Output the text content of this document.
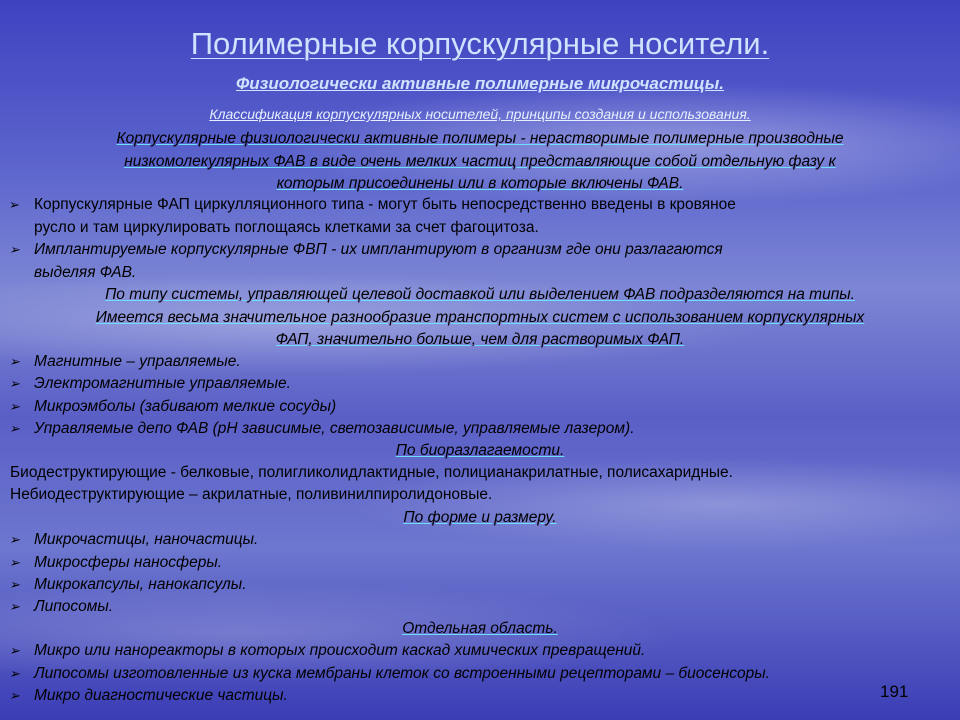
Полимерные корпускулярные носители.
Физиологически активные полимерные микрочастицы.
Классификация корпускулярных носителей, принципы создания и использования.
Корпускулярные физиологически активные полимеры - нерастворимые полимерные производные
низкомолекулярных ФАВ в виде очень мелких частиц представляющие собой отдельную фазу к
которым присоединены или в которые включены ФАВ.
➢ Корпускулярные ФАП циркулляционного типа - могут быть непосредственно введены в кровяное
русло и там циркулировать поглощаясь клетками за счет фагоцитоза.
➢ Имплантируемые корпускулярные ФВП - их имплантируют в организм где они разлагаются
выделяя ФАВ.
По типу системы, управляющей целевой доставкой или выделением ФАВ подразделяются на типы.
Имеется весьма значительное разнообразие транспортных систем с использованием корпускулярных
ФАП, значительно больше, чем для растворимых ФАП.
➢ Магнитные – управляемые.
➢ Электромагнитные управляемые.
➢ Микроэмболы (забивают мелкие сосуды)
➢ Управляемые депо ФАВ (рН зависимые, светозависимые, управляемые лазером).
По биоразлагаемости.
Биодеструктирующие - белковые, полигликолидлактидные, полицианакрилатные, полисахаридные.
Небиодеструктирующие – акрилатные, поливинилпиролидоновые.
По форме и размеру.
➢ Микрочастицы, наночастицы.
➢ Микросферы наносферы.
➢ Микрокапсулы, нанокапсулы.
➢ Липосомы.
Отдельная область.
➢ Микро или нанореакторы в которых происходит каскад химических превращений.
➢ Липосомы изготовленные из куска мембраны клеток со встроенными рецепторами – биосенсоры.
➢ Микро диагностические частицы.	191
